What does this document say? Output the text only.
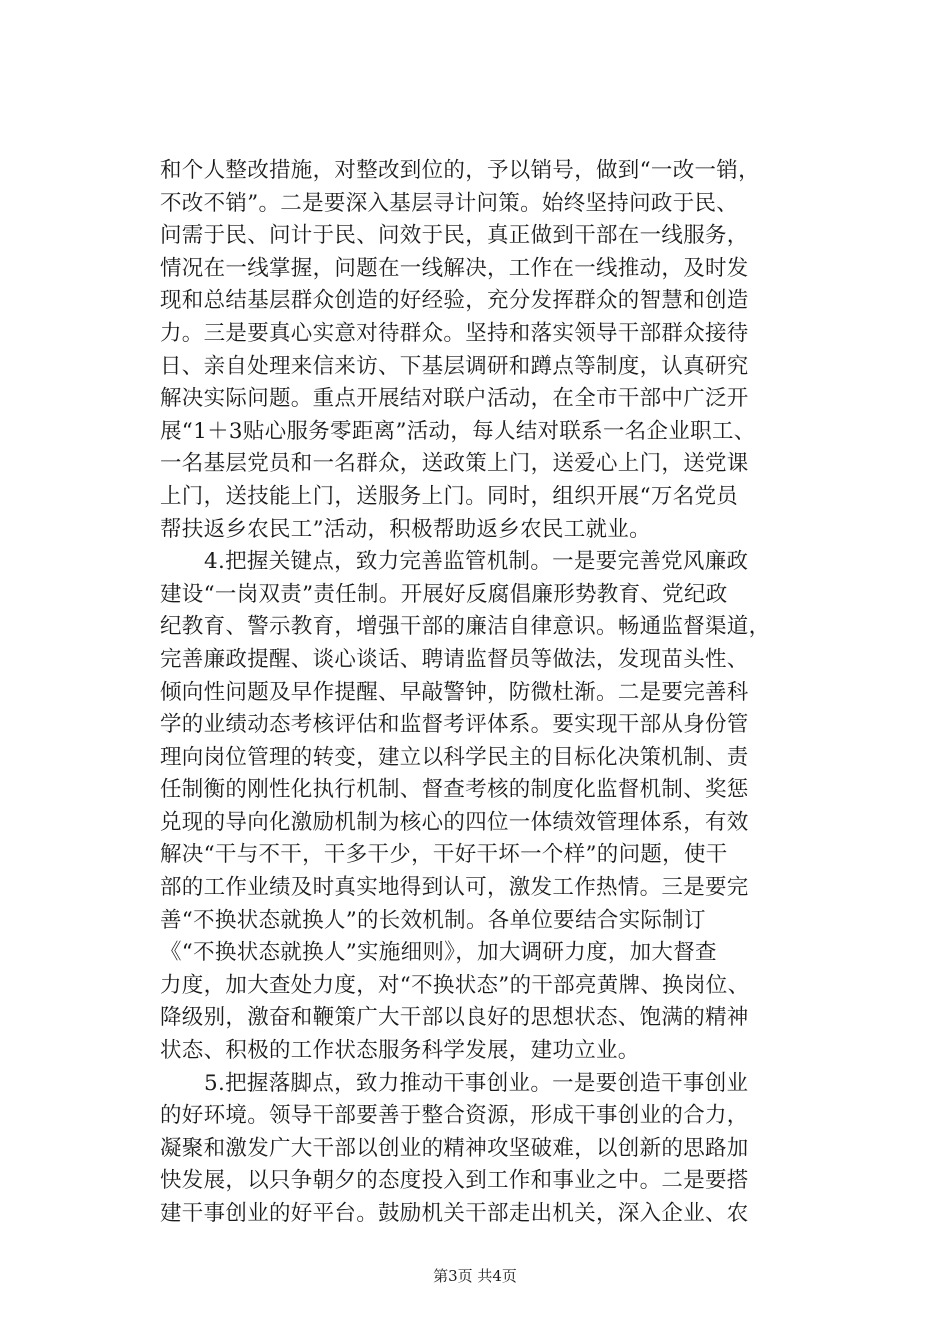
和个人整改措施，对整改到位的，予以销号，做到“一改一销，
不改不销”。二是要深入基层寻计问策。始终坚持问政于民、
问需于民、问计于民、问效于民，真正做到干部在一线服务，
情况在一线掌握，问题在一线解决，工作在一线推动，及时发
现和总结基层群众创造的好经验，充分发挥群众的智慧和创造
力。三是要真心实意对待群众。坚持和落实领导干部群众接待
日、亲自处理来信来访、下基层调研和蹲点等制度，认真研究
解决实际问题。重点开展结对联户活动，在全市干部中广泛开
展“1＋3贴心服务零距离”活动，每人结对联系一名企业职工、
一名基层党员和一名群众，送政策上门，送爱心上门，送党课
上门，送技能上门，送服务上门。同时，组织开展“万名党员
帮扶返乡农民工”活动，积极帮助返乡农民工就业。
4.把握关键点，致力完善监管机制。一是要完善党风廉政
建设“一岗双责”责任制。开展好反腐倡廉形势教育、党纪政
纪教育、警示教育，增强干部的廉洁自律意识。畅通监督渠道，
完善廉政提醒、谈心谈话、聘请监督员等做法，发现苗头性、
倾向性问题及早作提醒、早敲警钟，防微杜渐。二是要完善科
学的业绩动态考核评估和监督考评体系。要实现干部从身份管
理向岗位管理的转变，建立以科学民主的目标化决策机制、责
任制衡的刚性化执行机制、督查考核的制度化监督机制、奖惩
兑现的导向化激励机制为核心的四位一体绩效管理体系，有效
解决“干与不干，干多干少，干好干坏一个样”的问题，使干
部的工作业绩及时真实地得到认可，激发工作热情。三是要完
善“不换状态就换人”的长效机制。各单位要结合实际制订
《“不换状态就换人”实施细则》，加大调研力度，加大督查
力度，加大查处力度，对“不换状态”的干部亮黄牌、换岗位、
降级别，激奋和鞭策广大干部以良好的思想状态、饱满的精神
状态、积极的工作状态服务科学发展，建功立业。
5.把握落脚点，致力推动干事创业。一是要创造干事创业
的好环境。领导干部要善于整合资源，形成干事创业的合力，
凝聚和激发广大干部以创业的精神攻坚破难，以创新的思路加
快发展，以只争朝夕的态度投入到工作和事业之中。二是要搭
建干事创业的好平台。鼓励机关干部走出机关，深入企业、农
第3页 共4页
